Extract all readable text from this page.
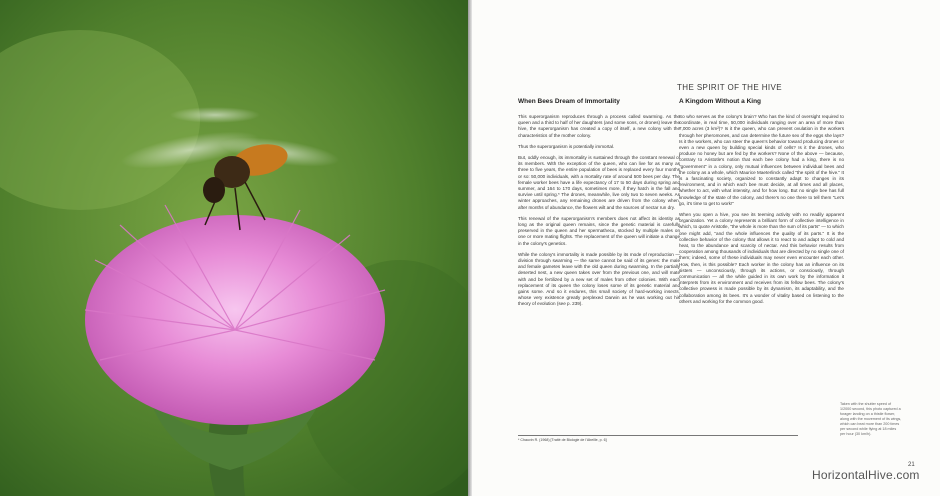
THE SPIRIT OF THE HIVE
When Bees Dream of Immortality

This superorganism reproduces through a process called swarming. As the queen and a third to half of her daughters (and some sons, or drones) leave the hive, the superorganism has created a copy of itself, a new colony with the characteristics of the mother colony.

Thus the superorganism is potentially immortal.

But, oddly enough, its immortality is sustained through the constant renewal of its members. With the exception of the queen, who can live for as many as three to five years, the entire population of bees is replaced every four months or so: 50,000 individuals, with a mortality rate of around 500 bees per day. The female worker bees have a life expectancy of 17 to 50 days during spring and summer, and 164 to 170 days, sometimes more, if they hatch in the fall and survive until spring.* The drones, meanwhile, live only two to seven weeks. As winter approaches, any remaining drones are driven from the colony when, after months of abundance, the flowers wilt and the sources of nectar run dry.

This renewal of the superorganism's members does not affect its identity as long as the original queen remains, since the genetic material is carefully preserved in the queen and her spermatheca, stocked by multiple males on one or more mating flights. The replacement of the queen will initiate a change in the colony's genetics.

While the colony's immortality is made possible by its mode of reproduction — division through swarming — the same cannot be said of its genes: the male and female gametes leave with the old queen during swarming. In the partially deserted nest, a new queen takes over from the previous one, and will mate with and be fertilized by a new set of males from other colonies. With each replacement of its queen the colony loses some of its genetic material and gains some. And so it endures, this small society of hard-working insects, whose very existence greatly perplexed Darwin as he was working out his theory of evolution (see p. 239).

A Kingdom Without a King

So who serves as the colony's brain? Who has the kind of oversight required to coordinate, in real time, 50,000 individuals ranging over an area of more than 7,000 acres (3 km²)? Is it the queen, who can prevent ovulation in the workers through her pheromones, and can determine the future sex of the eggs she lays? Is it the workers, who can steer the queen's behavior toward producing drones or even a new queen by building special kinds of cells? Is it the drones, who produce no honey but are fed by the workers? None of the above — because, contrary to Aristotle's notion that each bee colony had a king, there is no "government" in a colony, only mutual influences between individual bees and the colony as a whole, which Maurice Maeterlinck called "the spirit of the hive." It is a fascinating society, organized to constantly adapt to changes in its environment, and in which each bee must decide, at all times and all places, whether to act, with what intensity, and for how long. But no single bee has full knowledge of the state of the colony, and there's no one there to tell them "Let's go, it's time to get to work!"

When you open a hive, you see its teeming activity with no readily apparent organization. Yet a colony represents a brilliant form of collective intelligence in which, to quote Aristotle, "the whole is more than the sum of its parts" — to which one might add, "and the whole influences the quality of its parts." It is the collective behavior of the colony that allows it to react to and adapt to cold and heat, to the abundance and scarcity of nectar. And this behavior results from cooperation among thousands of individuals that are directed by no single one of them; indeed, some of these individuals may never even encounter each other. How, then, is this possible? Each worker in the colony has an influence on its sisters — unconsciously, through its actions, or consciously, through communication — all the while guided in its own work by the information it interprets from its environment and receives from its fellow bees. The colony's collective prowess is made possible by its dynamism, its adaptability, and the collaboration among its bees. It's a wonder of vitality based on listening to the others and working for the common good.

* Chauvin R. (1968) [Traité de Biologie de l'Abeille, p. 6]
Taken with the shutter speed of 1/2000 second, this photo captured a forager landing on a thistle flower, along with the movement of its wings, which can beat more than 200 times per second while flying at 18 miles per hour (30 km/h).
21
HorizontalHive.com
